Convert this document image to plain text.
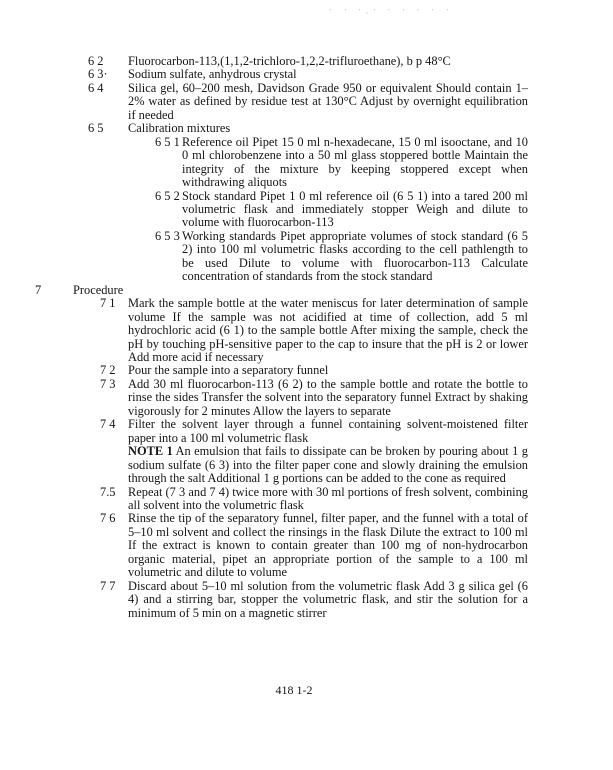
' ' ',' ' ' ' ' '
6 2 Fluorocarbon-113,(1,1,2-trichloro-1,2,2-trifluroethane), b p 48°C
6 3· Sodium sulfate, anhydrous crystal
6 4 Silica gel, 60–200 mesh, Davidson Grade 950 or equivalent Should contain 1–2% water as defined by residue test at 130°C Adjust by overnight equilibration if needed
6 5 Calibration mixtures
6 5 1 Reference oil Pipet 15 0 ml n-hexadecane, 15 0 ml isooctane, and 10 0 ml chlorobenzene into a 50 ml glass stoppered bottle Maintain the integrity of the mixture by keeping stoppered except when withdrawing aliquots
6 5 2 Stock standard Pipet 1 0 ml reference oil (6 5 1) into a tared 200 ml volumetric flask and immediately stopper Weigh and dilute to volume with fluorocarbon-113
6 5 3 Working standards Pipet appropriate volumes of stock standard (6 5 2) into 100 ml volumetric flasks according to the cell pathlength to be used Dilute to volume with fluorocarbon-113 Calculate concentration of standards from the stock standard
7	Procedure
7 1 Mark the sample bottle at the water meniscus for later determination of sample volume If the sample was not acidified at time of collection, add 5 ml hydrochloric acid (6 1) to the sample bottle After mixing the sample, check the pH by touching pH-sensitive paper to the cap to insure that the pH is 2 or lower Add more acid if necessary
7 2 Pour the sample into a separatory funnel
7 3 Add 30 ml fluorocarbon-113 (6 2) to the sample bottle and rotate the bottle to rinse the sides Transfer the solvent into the separatory funnel Extract by shaking vigorously for 2 minutes Allow the layers to separate
7 4 Filter the solvent layer through a funnel containing solvent-moistened filter paper into a 100 ml volumetric flask
NOTE 1 An emulsion that fails to dissipate can be broken by pouring about 1 g sodium sulfate (6 3) into the filter paper cone and slowly draining the emulsion through the salt Additional 1 g portions can be added to the cone as required
7.5 Repeat (7 3 and 7 4) twice more with 30 ml portions of fresh solvent, combining all solvent into the volumetric flask
7 6 Rinse the tip of the separatory funnel, filter paper, and the funnel with a total of 5–10 ml solvent and collect the rinsings in the flask Dilute the extract to 100 ml If the extract is known to contain greater than 100 mg of non-hydrocarbon organic material, pipet an appropriate portion of the sample to a 100 ml volumetric and dilute to volume
7 7 Discard about 5–10 ml solution from the volumetric flask Add 3 g silica gel (6 4) and a stirring bar, stopper the volumetric flask, and stir the solution for a minimum of 5 min on a magnetic stirrer
418 1-2
